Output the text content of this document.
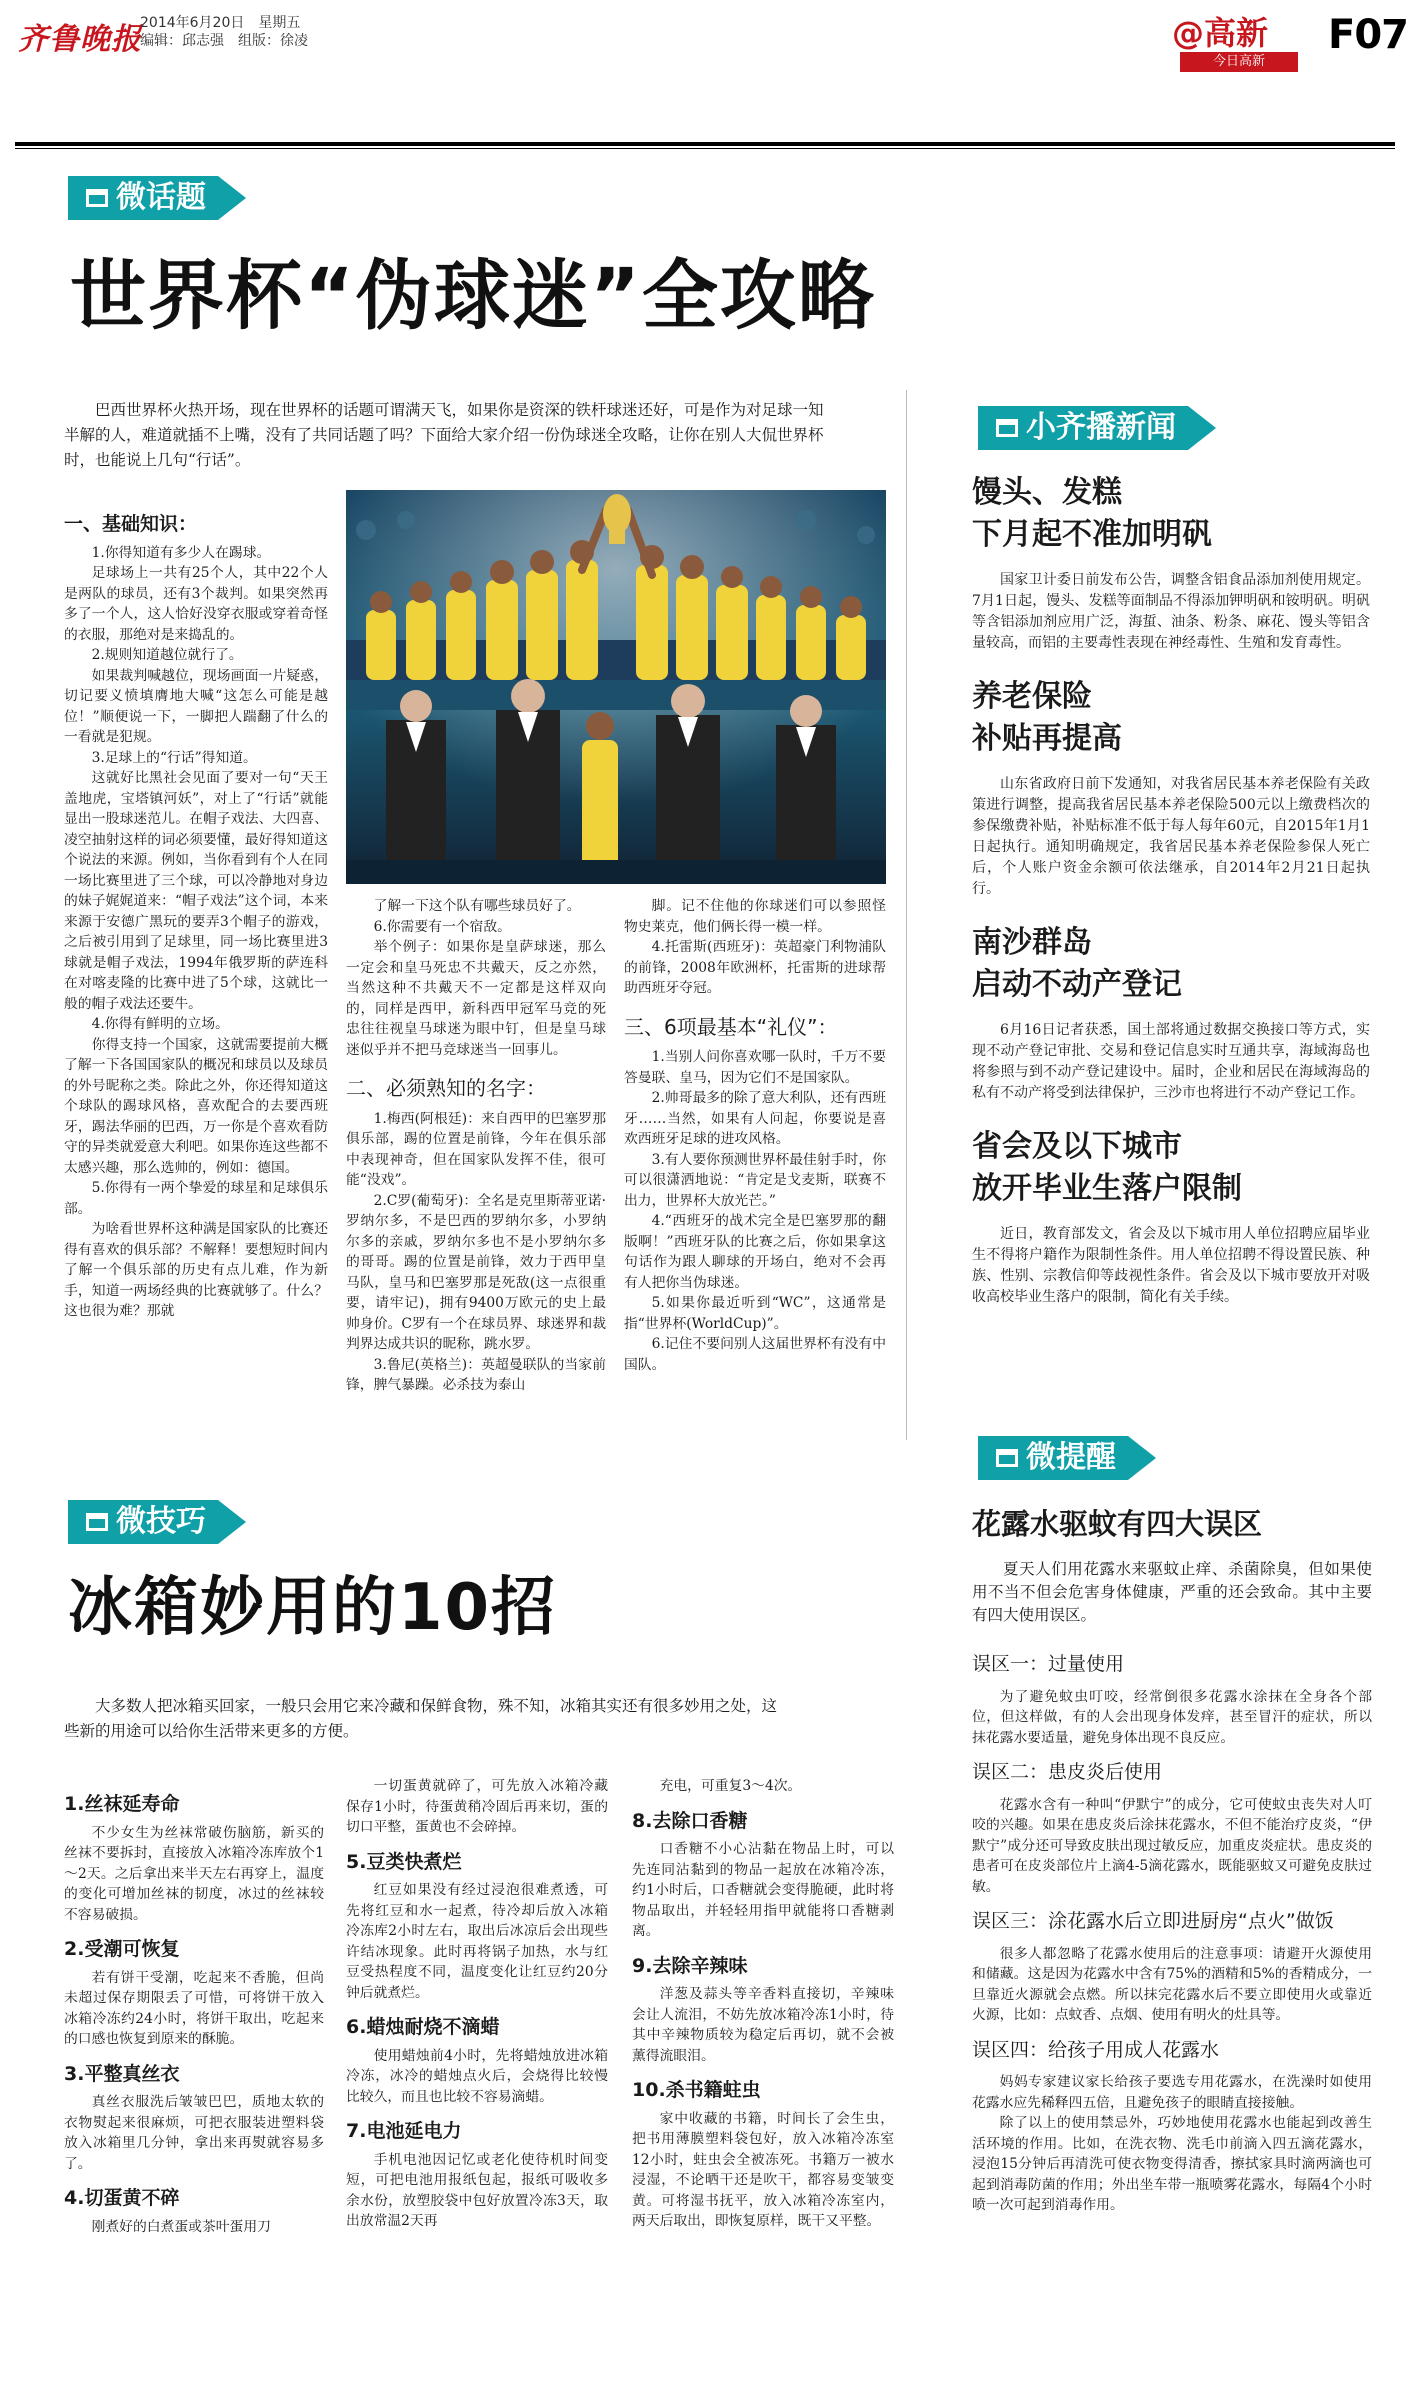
齐鲁晚报
2014年6月20日　星期五
编辑：邱志强　组版：徐凌	@高新
今日高新
F07
微话题
世界杯“伪球迷”全攻略
巴西世界杯火热开场，现在世界杯的话题可谓满天飞，如果你是资深的铁杆球迷还好，可是作为对足球一知半解的人，难道就插不上嘴，没有了共同话题了吗？下面给大家介绍一份伪球迷全攻略，让你在别人大侃世界杯时，也能说上几句“行话”。
一、基础知识：
1.你得知道有多少人在踢球。
足球场上一共有25个人，其中22个人是两队的球员，还有3个裁判。如果突然再多了一个人，这人恰好没穿衣服或穿着奇怪的衣服，那绝对是来捣乱的。
2.规则知道越位就行了。
如果裁判喊越位，现场画面一片疑惑，切记要义愤填膺地大喊“这怎么可能是越位！”顺便说一下，一脚把人踹翻了什么的一看就是犯规。
3.足球上的“行话”得知道。
这就好比黑社会见面了要对一句“天王盖地虎，宝塔镇河妖”，对上了“行话”就能显出一股球迷范儿。在帽子戏法、大四喜、凌空抽射这样的词必须要懂，最好得知道这个说法的来源。例如，当你看到有个人在同一场比赛里进了三个球，可以冷静地对身边的妹子娓娓道来：“帽子戏法”这个词，本来来源于安德广黑玩的要弄3个帽子的游戏，之后被引用到了足球里，同一场比赛里进3球就是帽子戏法，1994年俄罗斯的萨连科在对喀麦隆的比赛中进了5个球，这就比一般的帽子戏法还要牛。
4.你得有鲜明的立场。
你得支持一个国家，这就需要提前大概了解一下各国国家队的概况和球员以及球员的外号昵称之类。除此之外，你还得知道这个球队的踢球风格，喜欢配合的去要西班牙，踢法华丽的巴西，万一你是个喜欢看防守的异类就爱意大利吧。如果你连这些都不太感兴趣，那么选帅的，例如：德国。
5.你得有一两个挚爱的球星和足球俱乐部。
为啥看世界杯这种满是国家队的比赛还得有喜欢的俱乐部？不解释！要想短时间内了解一个俱乐部的历史有点儿难，作为新手，知道一两场经典的比赛就够了。什么？这也很为难？那就
了解一下这个队有哪些球员好了。
6.你需要有一个宿敌。
举个例子：如果你是皇萨球迷，那么一定会和皇马死忠不共戴天，反之亦然，当然这种不共戴天不一定都是这样双向的，同样是西甲，新科西甲冠军马竞的死忠往往视皇马球迷为眼中钉，但是皇马球迷似乎并不把马竞球迷当一回事儿。
二、必须熟知的名字：
1.梅西(阿根廷)：来自西甲的巴塞罗那俱乐部，踢的位置是前锋，今年在俱乐部中表现神奇，但在国家队发挥不佳，很可能“没戏”。
2.C罗(葡萄牙)：全名是克里斯蒂亚诺·罗纳尔多，不是巴西的罗纳尔多，小罗纳尔多的亲戚，罗纳尔多也不是小罗纳尔多的哥哥。踢的位置是前锋，效力于西甲皇马队，皇马和巴塞罗那是死敌(这一点很重要，请牢记)，拥有9400万欧元的史上最帅身价。C罗有一个在球员界、球迷界和裁判界达成共识的昵称，跳水罗。
3.鲁尼(英格兰)：英超曼联队的当家前锋，脾气暴躁。必杀技为泰山
脚。记不住他的你球迷们可以参照怪物史莱克，他们俩长得一模一样。
4.托雷斯(西班牙)：英超豪门利物浦队的前锋，2008年欧洲杯，托雷斯的进球帮助西班牙夺冠。
三、6项最基本“礼仪”：
1.当别人问你喜欢哪一队时，千万不要答曼联、皇马，因为它们不是国家队。
2.帅哥最多的除了意大利队，还有西班牙……当然，如果有人问起，你要说是喜欢西班牙足球的进攻风格。
3.有人要你预测世界杯最佳射手时，你可以很潇洒地说：“肯定是戈麦斯，联赛不出力，世界杯大放光芒。”
4.“西班牙的战术完全是巴塞罗那的翻版啊！”西班牙队的比赛之后，你如果拿这句话作为跟人聊球的开场白，绝对不会再有人把你当伪球迷。
5.如果你最近听到“WC”，这通常是指“世界杯(WorldCup)”。
6.记住不要问别人这届世界杯有没有中国队。
小齐播新闻
馒头、发糕
下月起不准加明矾
国家卫计委日前发布公告，调整含铝食品添加剂使用规定。7月1日起，馒头、发糕等面制品不得添加钾明矾和铵明矾。明矾等含铝添加剂应用广泛，海蜇、油条、粉条、麻花、馒头等铝含量较高，而铝的主要毒性表现在神经毒性、生殖和发育毒性。
养老保险
补贴再提高
山东省政府日前下发通知，对我省居民基本养老保险有关政策进行调整，提高我省居民基本养老保险500元以上缴费档次的参保缴费补贴，补贴标准不低于每人每年60元，自2015年1月1日起执行。通知明确规定，我省居民基本养老保险参保人死亡后，个人账户资金余额可依法继承，自2014年2月21日起执行。
南沙群岛
启动不动产登记
6月16日记者获悉，国土部将通过数据交换接口等方式，实现不动产登记审批、交易和登记信息实时互通共享，海域海岛也将参照与到不动产登记建设中。届时，企业和居民在海域海岛的私有不动产将受到法律保护，三沙市也将进行不动产登记工作。
省会及以下城市
放开毕业生落户限制
近日，教育部发文，省会及以下城市用人单位招聘应届毕业生不得将户籍作为限制性条件。用人单位招聘不得设置民族、种族、性别、宗教信仰等歧视性条件。省会及以下城市要放开对吸收高校毕业生落户的限制，简化有关手续。
微技巧
冰箱妙用的10招
大多数人把冰箱买回家，一般只会用它来冷藏和保鲜食物，殊不知，冰箱其实还有很多妙用之处，这些新的用途可以给你生活带来更多的方便。
1.丝袜延寿命
不少女生为丝袜常破伤脑筋，新买的丝袜不要拆封，直接放入冰箱冷冻库放个1～2天。之后拿出来半天左右再穿上，温度的变化可增加丝袜的韧度，冰过的丝袜较不容易破损。
2.受潮可恢复
若有饼干受潮，吃起来不香脆，但尚未超过保存期限丢了可惜，可将饼干放入冰箱冷冻约24小时，将饼干取出，吃起来的口感也恢复到原来的酥脆。
3.平整真丝衣
真丝衣服洗后皱皱巴巴，质地太软的衣物熨起来很麻烦，可把衣服装进塑料袋放入冰箱里几分钟，拿出来再熨就容易多了。
4.切蛋黄不碎
刚煮好的白煮蛋或茶叶蛋用刀
一切蛋黄就碎了，可先放入冰箱冷藏保存1小时，待蛋黄稍冷固后再来切，蛋的切口平整，蛋黄也不会碎掉。
5.豆类快煮烂
红豆如果没有经过浸泡很难煮透，可先将红豆和水一起煮，待冷却后放入冰箱冷冻库2小时左右，取出后冰凉后会出现些许结冰现象。此时再将锅子加热，水与红豆受热程度不同，温度变化让红豆约20分钟后就煮烂。
6.蜡烛耐烧不滴蜡
使用蜡烛前4小时，先将蜡烛放进冰箱冷冻，冰冷的蜡烛点火后，会烧得比较慢比较久，而且也比较不容易滴蜡。
7.电池延电力
手机电池因记忆或老化使待机时间变短，可把电池用报纸包起，报纸可吸收多余水份，放塑胶袋中包好放置冷冻3天，取出放常温2天再
充电，可重复3～4次。
8.去除口香糖
口香糖不小心沾黏在物品上时，可以先连同沾黏到的物品一起放在冰箱冷冻，约1小时后，口香糖就会变得脆硬，此时将物品取出，并轻轻用指甲就能将口香糖剥离。
9.去除辛辣味
洋葱及蒜头等辛香料直接切，辛辣味会让人流泪，不妨先放冰箱冷冻1小时，待其中辛辣物质较为稳定后再切，就不会被薰得流眼泪。
10.杀书籍蛀虫
家中收藏的书籍，时间长了会生虫，把书用薄膜塑料袋包好，放入冰箱冷冻室12小时，蛀虫会全被冻死。书籍万一被水浸湿，不论晒干还是吹干，都容易变皱变黄。可将湿书抚平，放入冰箱冷冻室内，两天后取出，即恢复原样，既干又平整。
微提醒
花露水驱蚊有四大误区
夏天人们用花露水来驱蚊止痒、杀菌除臭，但如果使用不当不但会危害身体健康，严重的还会致命。其中主要有四大使用误区。
误区一：过量使用
为了避免蚊虫叮咬，经常倒很多花露水涂抹在全身各个部位，但这样做，有的人会出现身体发痒，甚至冒汗的症状，所以抹花露水要适量，避免身体出现不良反应。
误区二：患皮炎后使用
花露水含有一种叫“伊默宁”的成分，它可使蚊虫丧失对人叮咬的兴趣。如果在患皮炎后涂抹花露水，不但不能治疗皮炎，“伊默宁”成分还可导致皮肤出现过敏反应，加重皮炎症状。患皮炎的患者可在皮炎部位片上滴4-5滴花露水，既能驱蚊又可避免皮肤过敏。
误区三：涂花露水后立即进厨房“点火”做饭
很多人都忽略了花露水使用后的注意事项：请避开火源使用和储藏。这是因为花露水中含有75%的酒精和5%的香精成分，一旦靠近火源就会点燃。所以抹完花露水后不要立即使用火或靠近火源，比如：点蚊香、点烟、使用有明火的灶具等。
误区四：给孩子用成人花露水
妈妈专家建议家长给孩子要选专用花露水，在洗澡时如使用花露水应先稀释四五倍，且避免孩子的眼睛直接接触。
除了以上的使用禁忌外，巧妙地使用花露水也能起到改善生活环境的作用。比如，在洗衣物、洗毛巾前滴入四五滴花露水，浸泡15分钟后再清洗可使衣物变得清香，擦拭家具时滴两滴也可起到消毒防菌的作用；外出坐车带一瓶喷雾花露水，每隔4个小时喷一次可起到消毒作用。
